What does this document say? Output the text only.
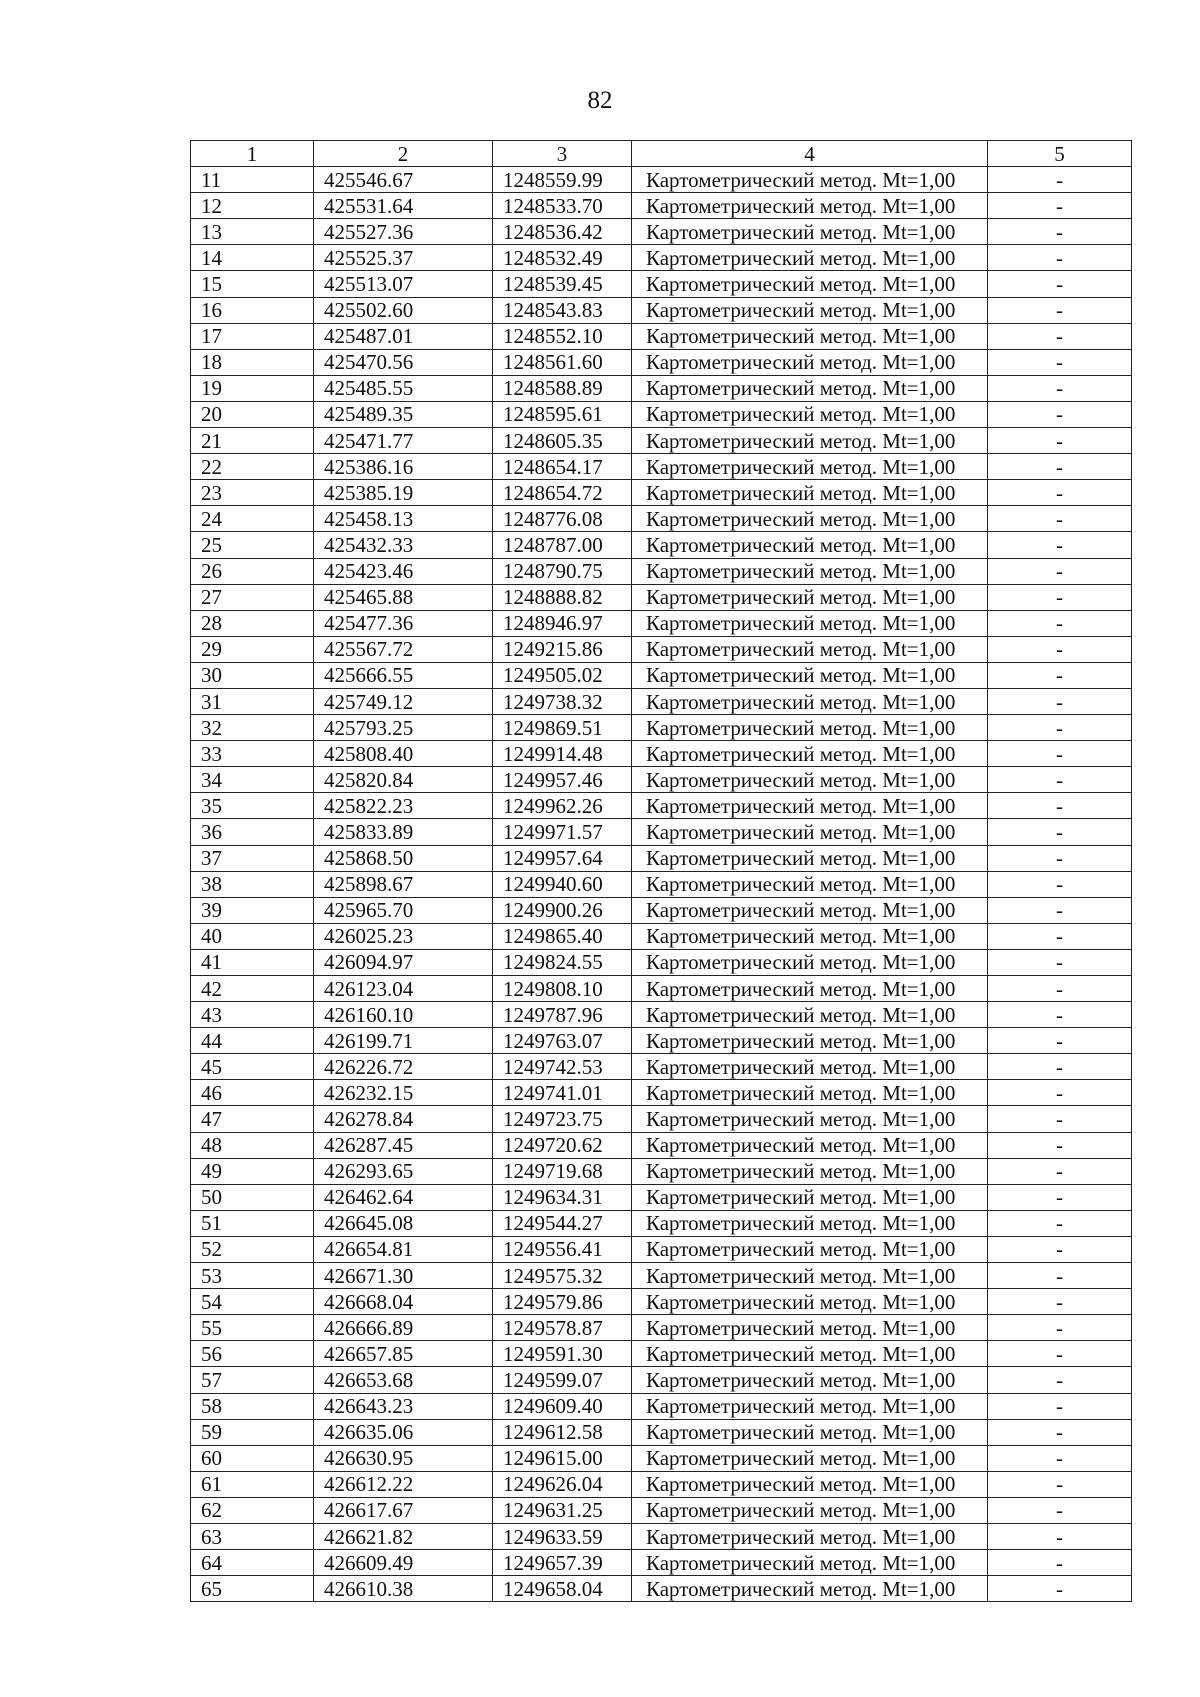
82
1	2	3	4	5
11	425546.67	1248559.99	Картометрический метод. Mt=1,00	-
12	425531.64	1248533.70	Картометрический метод. Mt=1,00	-
13	425527.36	1248536.42	Картометрический метод. Mt=1,00	-
14	425525.37	1248532.49	Картометрический метод. Mt=1,00	-
15	425513.07	1248539.45	Картометрический метод. Mt=1,00	-
16	425502.60	1248543.83	Картометрический метод. Mt=1,00	-
17	425487.01	1248552.10	Картометрический метод. Mt=1,00	-
18	425470.56	1248561.60	Картометрический метод. Mt=1,00	-
19	425485.55	1248588.89	Картометрический метод. Mt=1,00	-
20	425489.35	1248595.61	Картометрический метод. Mt=1,00	-
21	425471.77	1248605.35	Картометрический метод. Mt=1,00	-
22	425386.16	1248654.17	Картометрический метод. Mt=1,00	-
23	425385.19	1248654.72	Картометрический метод. Mt=1,00	-
24	425458.13	1248776.08	Картометрический метод. Mt=1,00	-
25	425432.33	1248787.00	Картометрический метод. Mt=1,00	-
26	425423.46	1248790.75	Картометрический метод. Mt=1,00	-
27	425465.88	1248888.82	Картометрический метод. Mt=1,00	-
28	425477.36	1248946.97	Картометрический метод. Mt=1,00	-
29	425567.72	1249215.86	Картометрический метод. Mt=1,00	-
30	425666.55	1249505.02	Картометрический метод. Mt=1,00	-
31	425749.12	1249738.32	Картометрический метод. Mt=1,00	-
32	425793.25	1249869.51	Картометрический метод. Mt=1,00	-
33	425808.40	1249914.48	Картометрический метод. Mt=1,00	-
34	425820.84	1249957.46	Картометрический метод. Mt=1,00	-
35	425822.23	1249962.26	Картометрический метод. Mt=1,00	-
36	425833.89	1249971.57	Картометрический метод. Mt=1,00	-
37	425868.50	1249957.64	Картометрический метод. Mt=1,00	-
38	425898.67	1249940.60	Картометрический метод. Mt=1,00	-
39	425965.70	1249900.26	Картометрический метод. Mt=1,00	-
40	426025.23	1249865.40	Картометрический метод. Mt=1,00	-
41	426094.97	1249824.55	Картометрический метод. Mt=1,00	-
42	426123.04	1249808.10	Картометрический метод. Mt=1,00	-
43	426160.10	1249787.96	Картометрический метод. Mt=1,00	-
44	426199.71	1249763.07	Картометрический метод. Mt=1,00	-
45	426226.72	1249742.53	Картометрический метод. Mt=1,00	-
46	426232.15	1249741.01	Картометрический метод. Mt=1,00	-
47	426278.84	1249723.75	Картометрический метод. Mt=1,00	-
48	426287.45	1249720.62	Картометрический метод. Mt=1,00	-
49	426293.65	1249719.68	Картометрический метод. Mt=1,00	-
50	426462.64	1249634.31	Картометрический метод. Mt=1,00	-
51	426645.08	1249544.27	Картометрический метод. Mt=1,00	-
52	426654.81	1249556.41	Картометрический метод. Mt=1,00	-
53	426671.30	1249575.32	Картометрический метод. Mt=1,00	-
54	426668.04	1249579.86	Картометрический метод. Mt=1,00	-
55	426666.89	1249578.87	Картометрический метод. Mt=1,00	-
56	426657.85	1249591.30	Картометрический метод. Mt=1,00	-
57	426653.68	1249599.07	Картометрический метод. Mt=1,00	-
58	426643.23	1249609.40	Картометрический метод. Mt=1,00	-
59	426635.06	1249612.58	Картометрический метод. Mt=1,00	-
60	426630.95	1249615.00	Картометрический метод. Mt=1,00	-
61	426612.22	1249626.04	Картометрический метод. Mt=1,00	-
62	426617.67	1249631.25	Картометрический метод. Mt=1,00	-
63	426621.82	1249633.59	Картометрический метод. Mt=1,00	-
64	426609.49	1249657.39	Картометрический метод. Mt=1,00	-
65	426610.38	1249658.04	Картометрический метод. Mt=1,00	-
